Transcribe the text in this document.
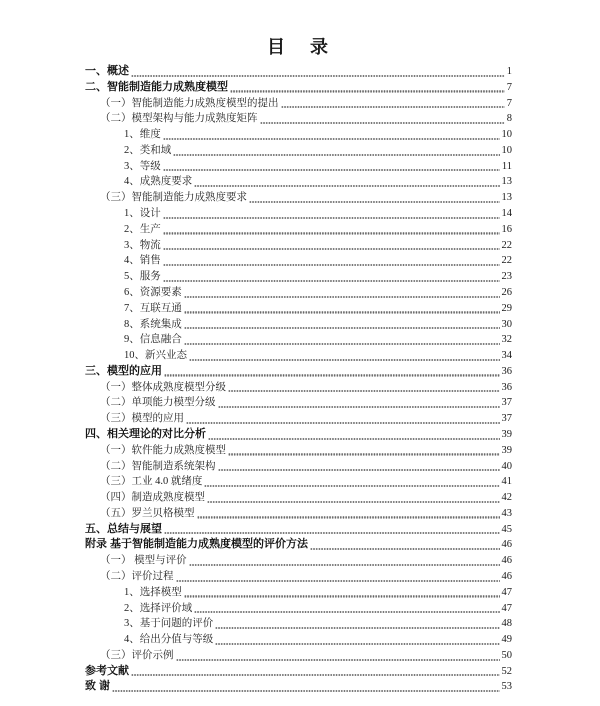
目  录
一、概述	1
二、智能制造能力成熟度模型	7
（一）智能制造能力成熟度模型的提出	7
（二）模型架构与能力成熟度矩阵	8
1、维度	10
2、类和域	10
3、等级	11
4、成熟度要求	13
（三）智能制造能力成熟度要求	13
1、设计	14
2、生产	16
3、物流	22
4、销售	22
5、服务	23
6、资源要素	26
7、互联互通	29
8、系统集成	30
9、信息融合	32
10、新兴业态	34
三、模型的应用	36
（一）整体成熟度模型分级	36
（二）单项能力模型分级	37
（三）模型的应用	37
四、相关理论的对比分析	39
（一）软件能力成熟度模型	39
（二）智能制造系统架构	40
（三）工业 4.0 就绪度	41
（四）制造成熟度模型	42
（五）罗兰贝格模型	43
五、总结与展望	45
附录 基于智能制造能力成熟度模型的评价方法	46
（一） 模型与评价	46
（二）评价过程	46
1、选择模型	47
2、选择评价域	47
3、基于问题的评价	48
4、给出分值与等级	49
（三）评价示例	50
参考文献	52
致 谢	53
